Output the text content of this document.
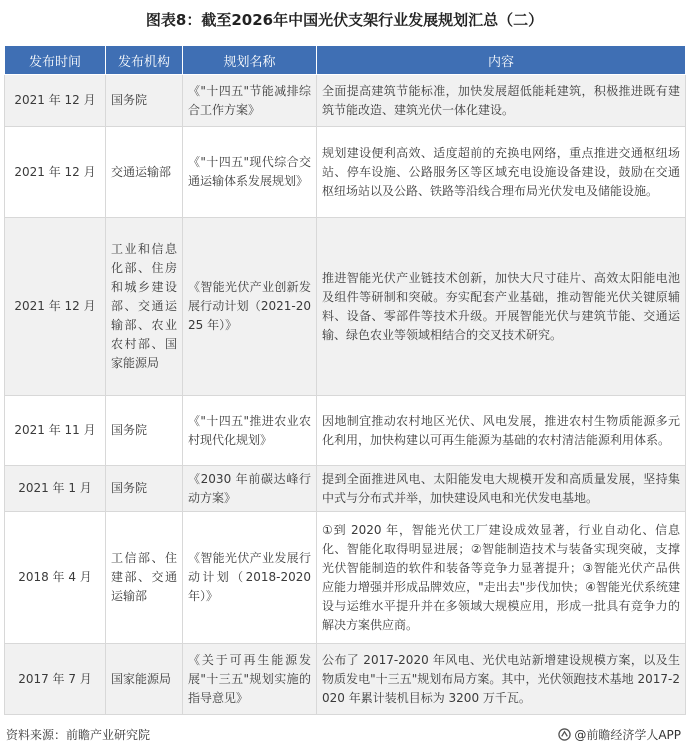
图表8：截至2026年中国光伏支架行业发展规划汇总（二）
发布时间	发布机构	规划名称	内容
2021 年 12 月	国务院	《"十四五"节能减排综合工作方案》	全面提高建筑节能标准，加快发展超低能耗建筑，积极推进既有建筑节能改造、建筑光伏一体化建设。
2021 年 12 月	交通运输部	《"十四五"现代综合交通运输体系发展规划》	规划建设便利高效、适度超前的充换电网络，重点推进交通枢纽场站、停车设施、公路服务区等区域充电设施设备建设，鼓励在交通枢纽场站以及公路、铁路等沿线合理布局光伏发电及储能设施。
2021 年 12 月	工业和信息化部、住房和城乡建设部、交通运输部、农业农村部、国家能源局	《智能光伏产业创新发展行动计划（2021-2025 年）》	推进智能光伏产业链技术创新，加快大尺寸硅片、高效太阳能电池及组件等研制和突破。夯实配套产业基础，推动智能光伏关键原辅料、设备、零部件等技术升级。开展智能光伏与建筑节能、交通运输、绿色农业等领域相结合的交叉技术研究。
2021 年 11 月	国务院	《"十四五"推进农业农村现代化规划》	因地制宜推动农村地区光伏、风电发展，推进农村生物质能源多元化利用，加快构建以可再生能源为基础的农村清洁能源利用体系。
2021 年 1 月	国务院	《2030 年前碳达峰行动方案》	提到全面推进风电、太阳能发电大规模开发和高质量发展，坚持集中式与分布式并举，加快建设风电和光伏发电基地。
2018 年 4 月	工信部、住建部、交通运输部	《智能光伏产业发展行动计划（2018-2020 年）》	①到 2020 年，智能光伏工厂建设成效显著，行业自动化、信息化、智能化取得明显进展；②智能制造技术与装备实现突破，支撑光伏智能制造的软件和装备等竞争力显著提升；③智能光伏产品供应能力增强并形成品牌效应，"走出去"步伐加快；④智能光伏系统建设与运维水平提升并在多领域大规模应用，形成一批具有竞争力的解决方案供应商。
2017 年 7 月	国家能源局	《关于可再生能源发展"十三五"规划实施的指导意见》	公布了 2017-2020 年风电、光伏电站新增建设规模方案，以及生物质发电"十三五"规划布局方案。其中，光伏领跑技术基地 2017-2020 年累计装机目标为 3200 万千瓦。
资料来源：前瞻产业研究院	@前瞻经济学人APP
